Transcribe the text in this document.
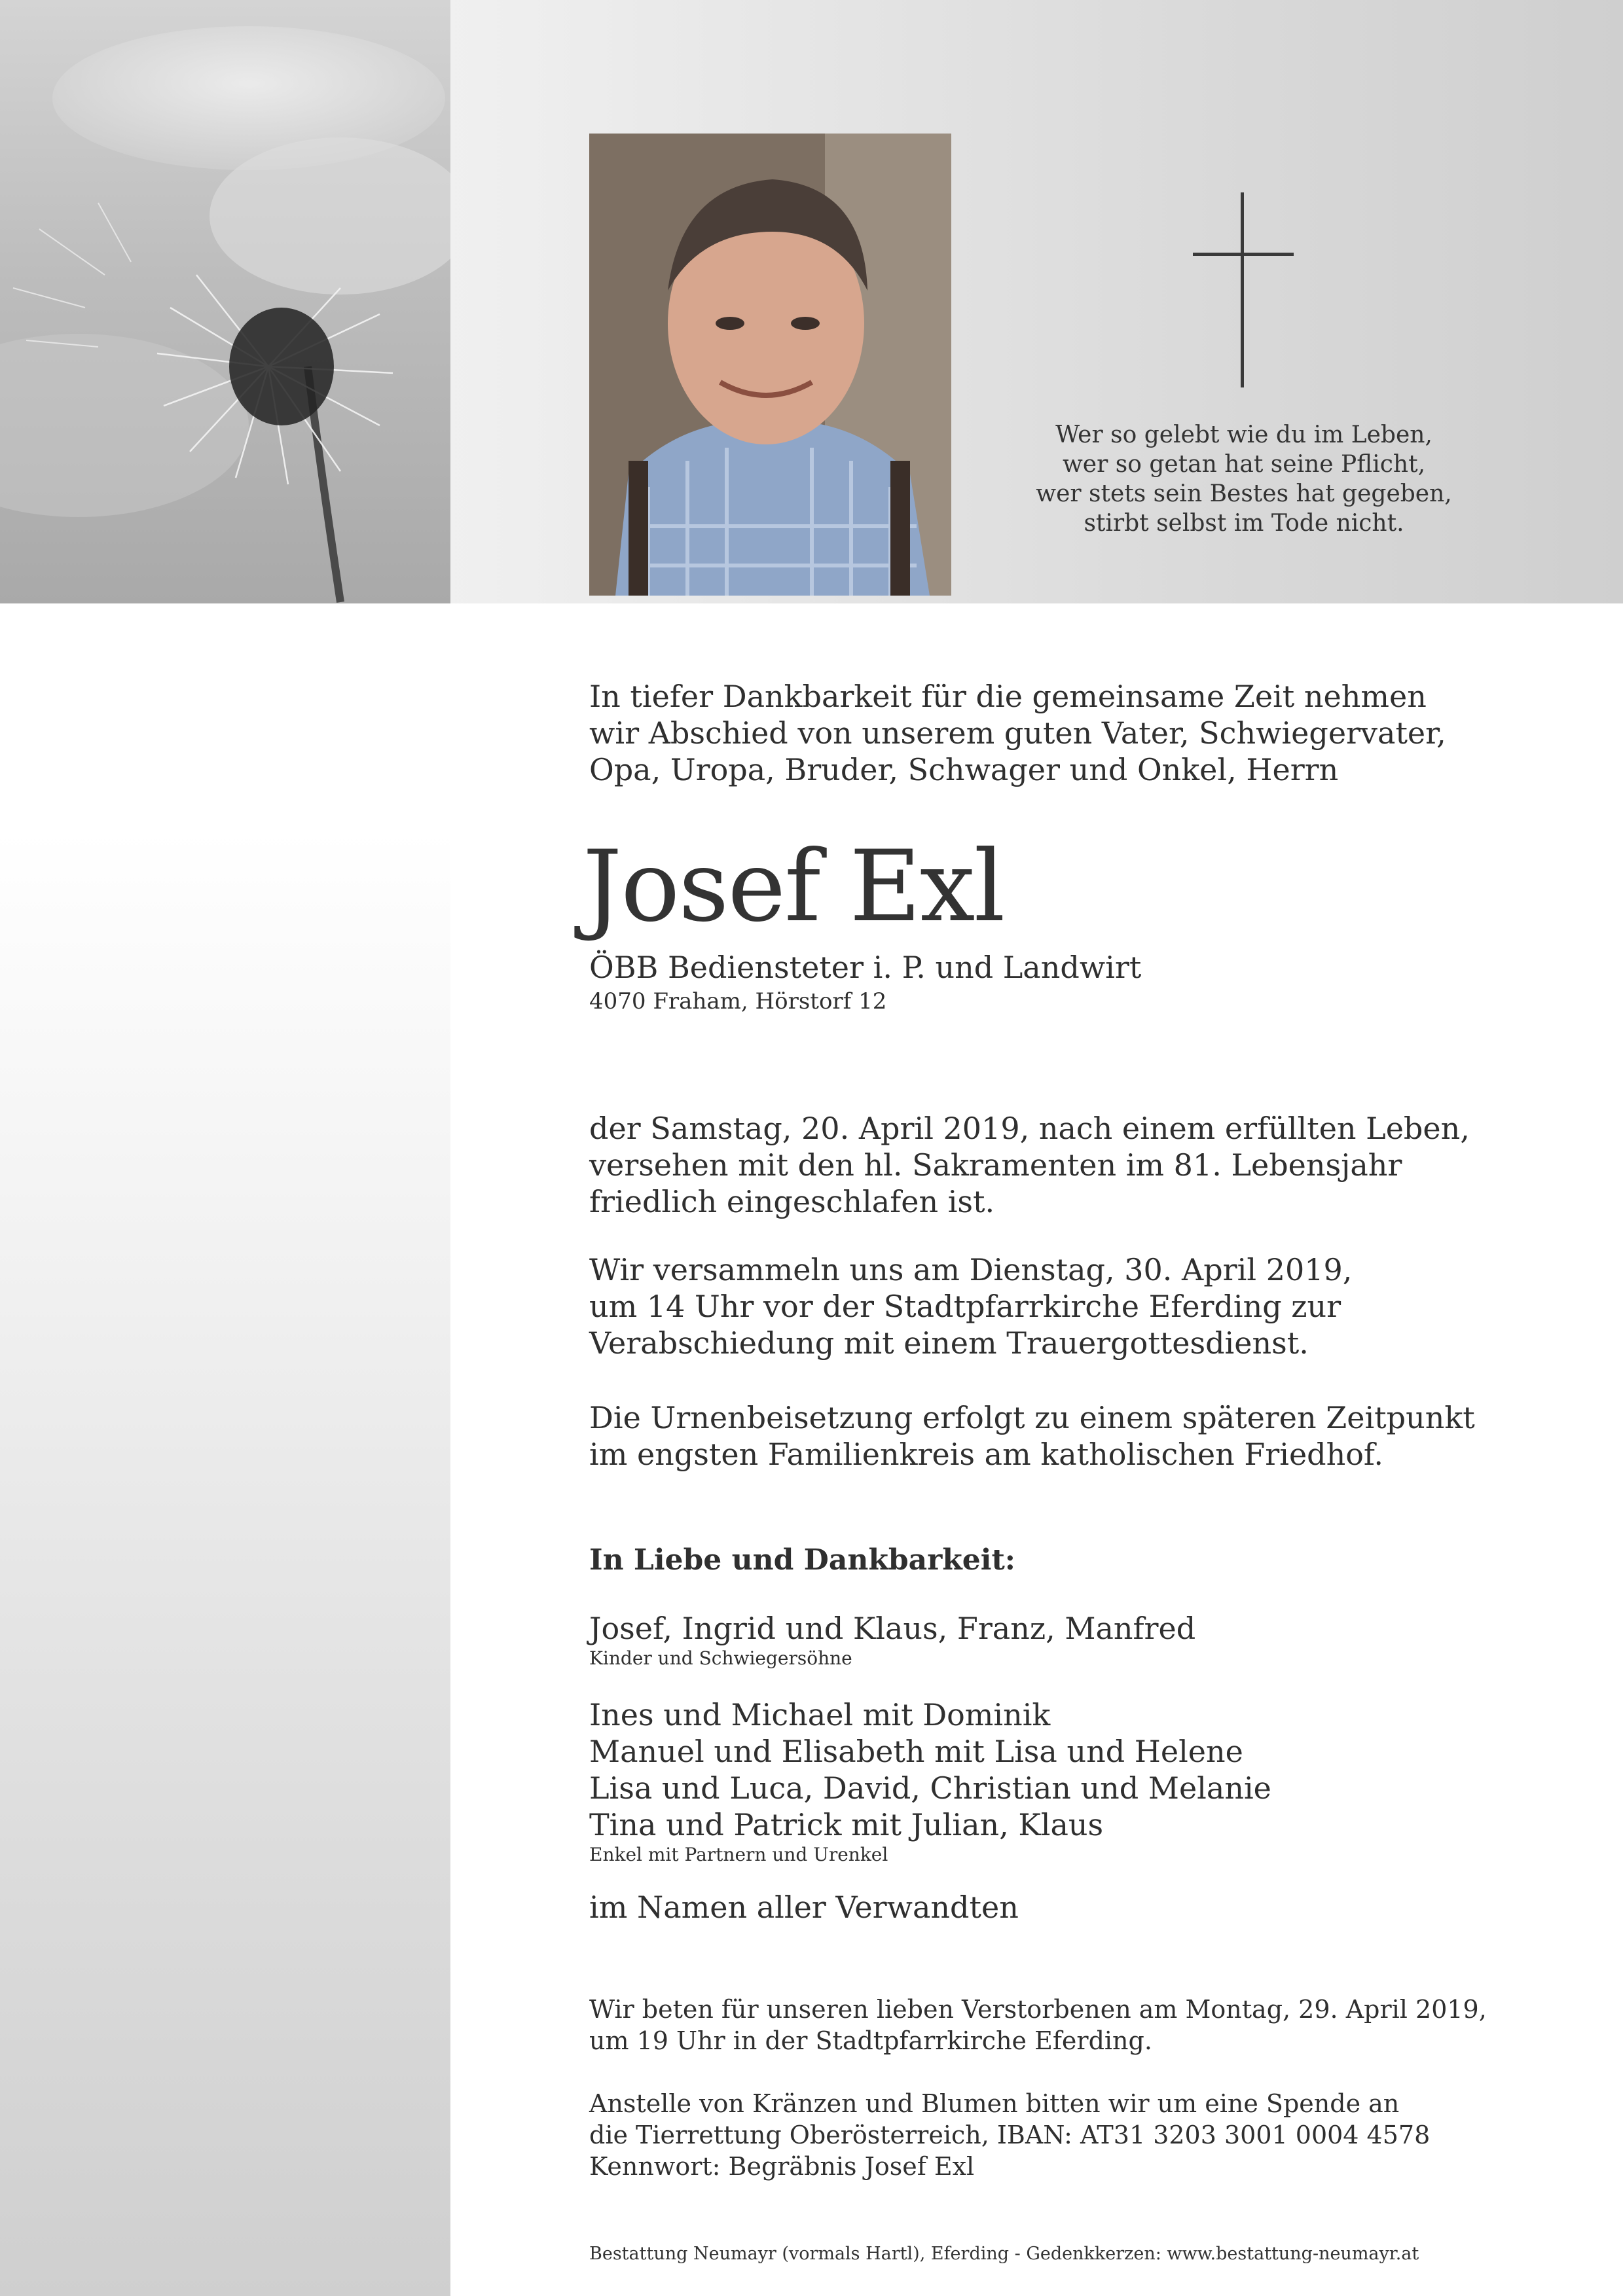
Wer so gelebt wie du im Leben,
wer so getan hat seine Pflicht,
wer stets sein Bestes hat gegeben,
stirbt selbst im Tode nicht.
In tiefer Dankbarkeit für die gemeinsame Zeit nehmen
wir Abschied von unserem guten Vater, Schwiegervater,
Opa, Uropa, Bruder, Schwager und Onkel, Herrn
Josef Exl
ÖBB Bediensteter i. P. und Landwirt
4070 Fraham, Hörstorf 12
der Samstag, 20. April 2019, nach einem erfüllten Leben,
versehen mit den hl. Sakramenten im 81. Lebensjahr
friedlich eingeschlafen ist.
Wir versammeln uns am Dienstag, 30. April 2019,
um 14 Uhr vor der Stadtpfarrkirche Eferding zur
Verabschiedung mit einem Trauergottesdienst.
Die Urnenbeisetzung erfolgt zu einem späteren Zeitpunkt
im engsten Familienkreis am katholischen Friedhof.
In Liebe und Dankbarkeit:
Josef, Ingrid und Klaus, Franz, Manfred
Kinder und Schwiegersöhne
Ines und Michael mit Dominik
Manuel und Elisabeth mit Lisa und Helene
Lisa und Luca, David, Christian und Melanie
Tina und Patrick mit Julian, Klaus
Enkel mit Partnern und Urenkel
im Namen aller Verwandten
Wir beten für unseren lieben Verstorbenen am Montag, 29. April 2019,
um 19 Uhr in der Stadtpfarrkirche Eferding.
Anstelle von Kränzen und Blumen bitten wir um eine Spende an
die Tierrettung Oberösterreich, IBAN: AT31 3203 3001 0004 4578
Kennwort: Begräbnis Josef Exl
Bestattung Neumayr (vormals Hartl), Eferding - Gedenkkerzen: www.bestattung-neumayr.at
